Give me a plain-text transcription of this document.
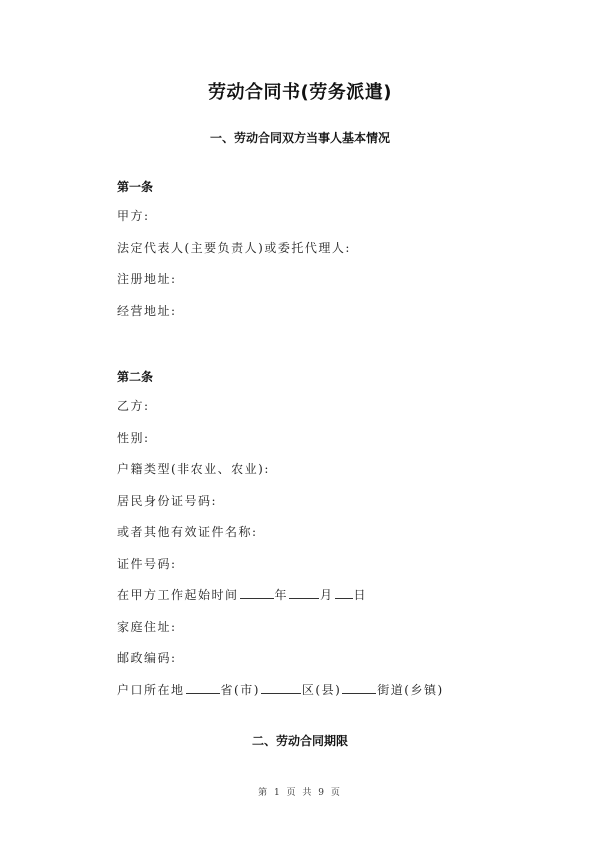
劳动合同书(劳务派遣)
一、劳动合同双方当事人基本情况
第一条
甲方:
法定代表人(主要负责人)或委托代理人:
注册地址:
经营地址:
第二条
乙方:
性别:
户籍类型(非农业、农业):
居民身份证号码:
或者其他有效证件名称:
证件号码:
在甲方工作起始时间	年	月 日
家庭住址:
邮政编码:
户口所在地	省(市)	区(县)	街道(乡镇)
二、劳动合同期限
第 1 页 共 9 页
